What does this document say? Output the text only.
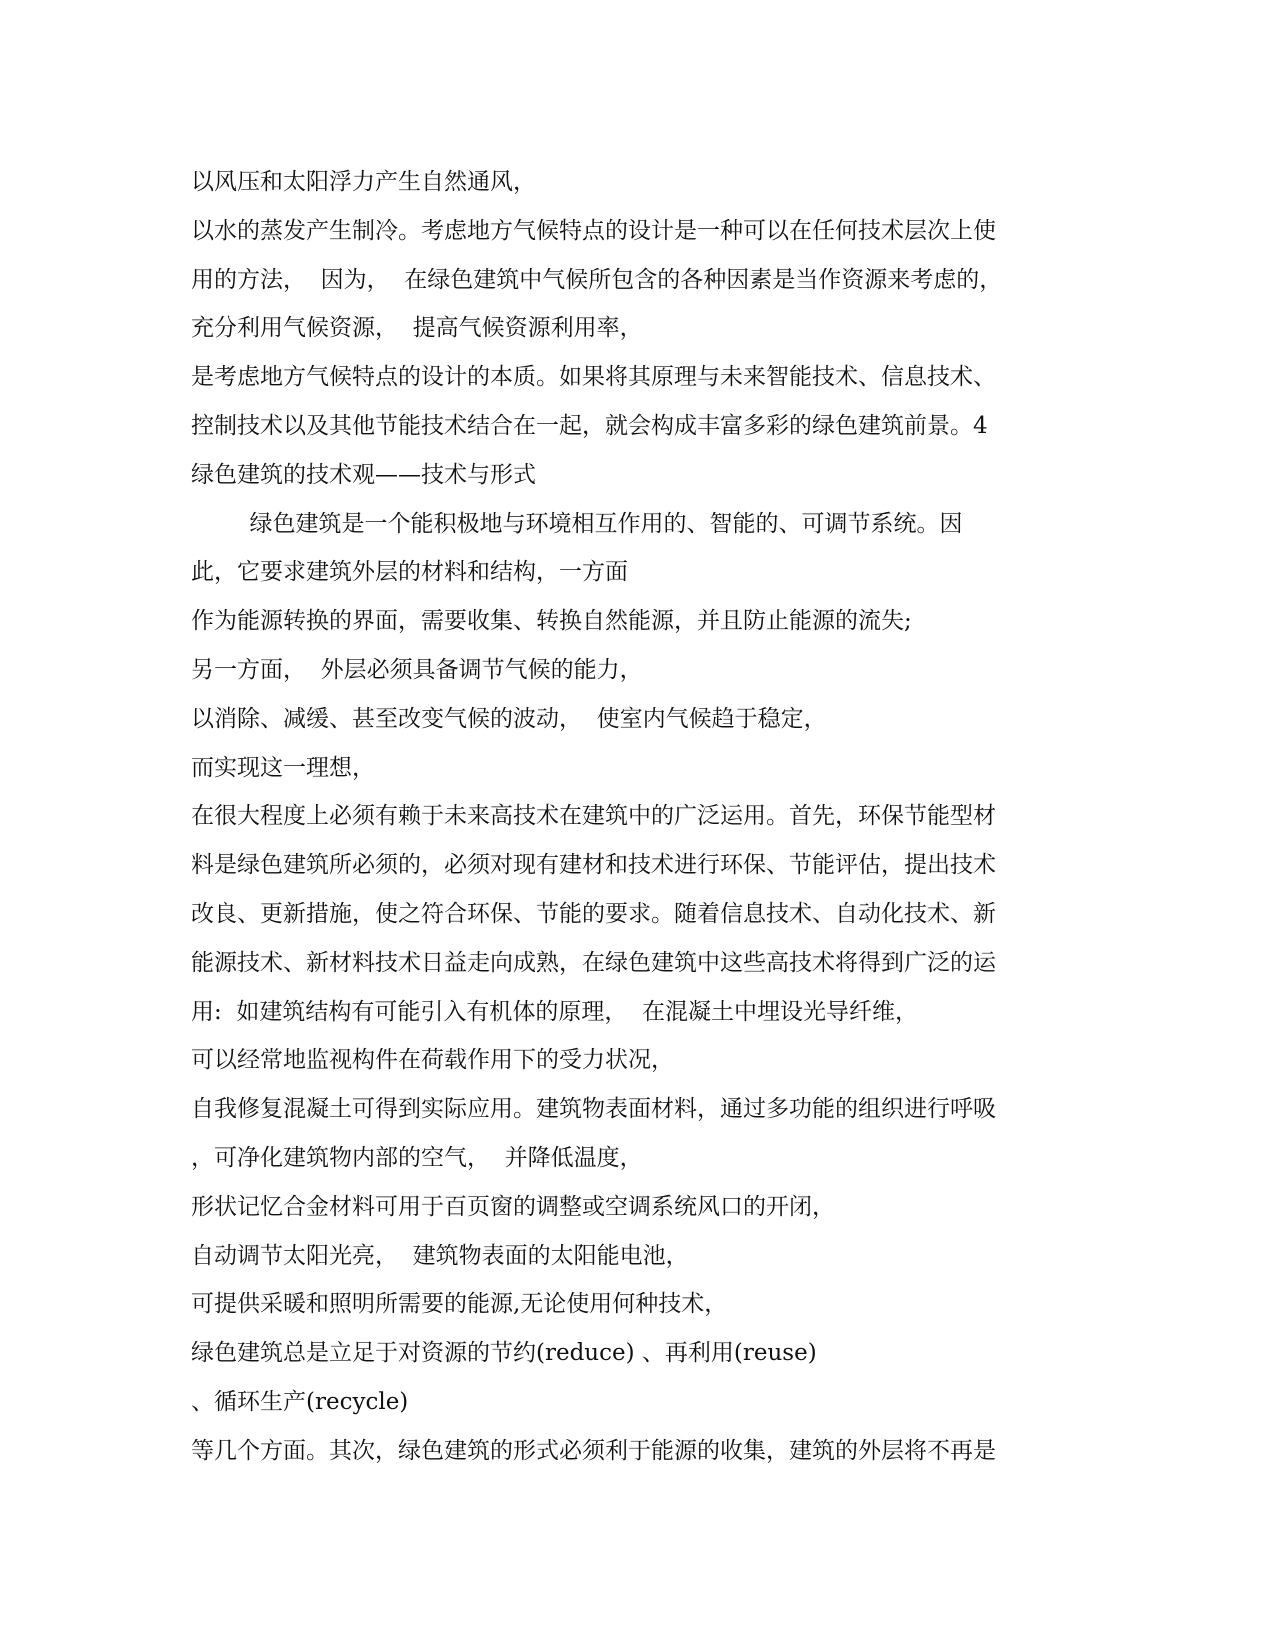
以风压和太阳浮力产生自然通风，
以水的蒸发产生制冷。考虑地方气候特点的设计是一种可以在任何技术层次上使
用的方法，  因为，  在绿色建筑中气候所包含的各种因素是当作资源来考虑的，
充分利用气候资源，  提高气候资源利用率，
是考虑地方气候特点的设计的本质。如果将其原理与未来智能技术、信息技术、
控制技术以及其他节能技术结合在一起，就会构成丰富多彩的绿色建筑前景。4
绿色建筑的技术观——技术与形式
绿色建筑是一个能积极地与环境相互作用的、智能的、可调节系统。因
此，它要求建筑外层的材料和结构，一方面
作为能源转换的界面，需要收集、转换自然能源，并且防止能源的流失;
另一方面，  外层必须具备调节气候的能力，
以消除、减缓、甚至改变气候的波动，  使室内气候趋于稳定，
而实现这一理想，
在很大程度上必须有赖于未来高技术在建筑中的广泛运用。首先，环保节能型材
料是绿色建筑所必须的，必须对现有建材和技术进行环保、节能评估，提出技术
改良、更新措施，使之符合环保、节能的要求。随着信息技术、自动化技术、新
能源技术、新材料技术日益走向成熟，在绿色建筑中这些高技术将得到广泛的运
用:  如建筑结构有可能引入有机体的原理，  在混凝土中埋设光导纤维，
可以经常地监视构件在荷载作用下的受力状况，
自我修复混凝土可得到实际应用。建筑物表面材料，通过多功能的组织进行呼吸
，可净化建筑物内部的空气，  并降低温度，
形状记忆合金材料可用于百页窗的调整或空调系统风口的开闭，
自动调节太阳光亮，  建筑物表面的太阳能电池，
可提供采暖和照明所需要的能源,无论使用何种技术，
绿色建筑总是立足于对资源的节约(reduce) 、再利用(reuse)
、循环生产(recycle)
等几个方面。其次，绿色建筑的形式必须利于能源的收集，建筑的外层将不再是
